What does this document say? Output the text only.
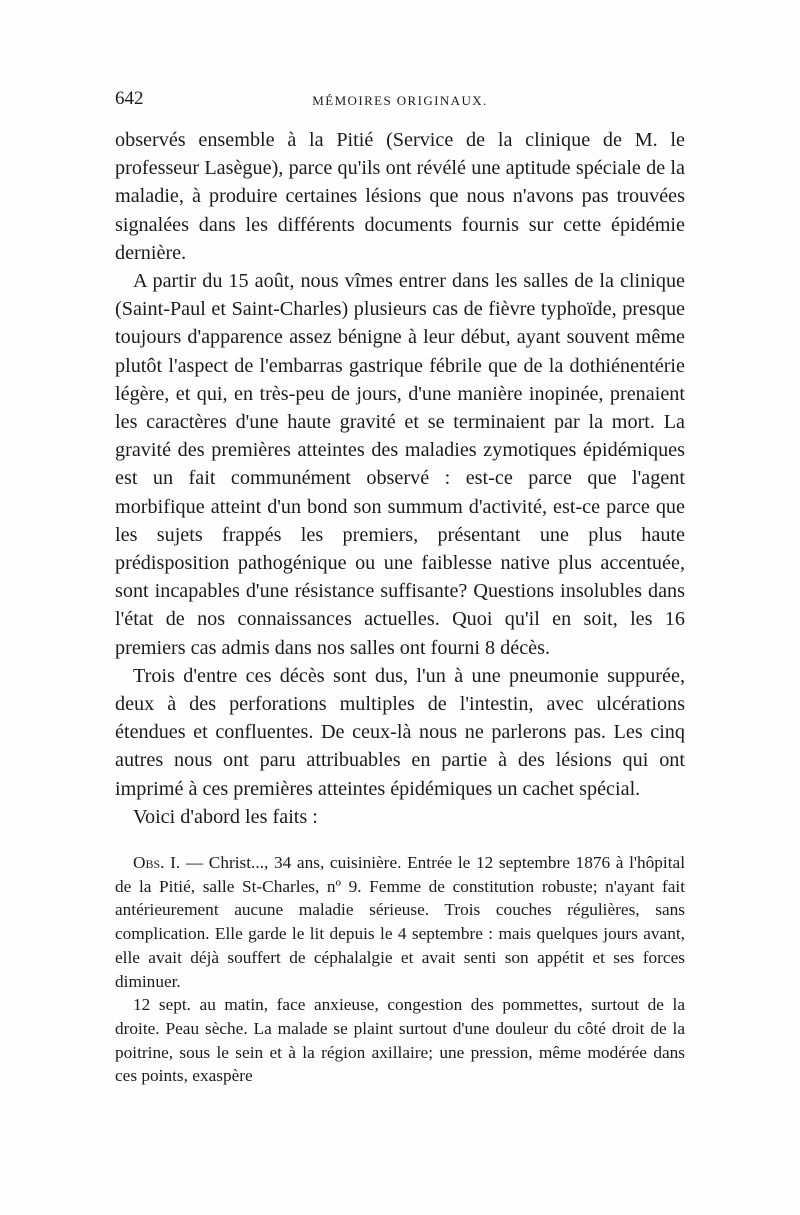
642	MÉMOIRES ORIGINAUX.

observés ensemble à la Pitié (Service de la clinique de M. le professeur Lasègue), parce qu'ils ont révélé une aptitude spéciale de la maladie, à produire certaines lésions que nous n'avons pas trouvées signalées dans les différents documents fournis sur cette épidémie dernière.

A partir du 15 août, nous vîmes entrer dans les salles de la clinique (Saint-Paul et Saint-Charles) plusieurs cas de fièvre typhoïde, presque toujours d'apparence assez bénigne à leur début, ayant souvent même plutôt l'aspect de l'embarras gastrique fébrile que de la dothiénentérie légère, et qui, en très-peu de jours, d'une manière inopinée, prenaient les caractères d'une haute gravité et se terminaient par la mort. La gravité des premières atteintes des maladies zymotiques épidémiques est un fait communément observé : est-ce parce que l'agent morbifique atteint d'un bond son summum d'activité, est-ce parce que les sujets frappés les premiers, présentant une plus haute prédisposition pathogénique ou une faiblesse native plus accentuée, sont incapables d'une résistance suffisante? Questions insolubles dans l'état de nos connaissances actuelles. Quoi qu'il en soit, les 16 premiers cas admis dans nos salles ont fourni 8 décès.

Trois d'entre ces décès sont dus, l'un à une pneumonie suppurée, deux à des perforations multiples de l'intestin, avec ulcérations étendues et confluentes. De ceux-là nous ne parlerons pas. Les cinq autres nous ont paru attribuables en partie à des lésions qui ont imprimé à ces premières atteintes épidémiques un cachet spécial.

Voici d'abord les faits :

Obs. I. — Christ..., 34 ans, cuisinière. Entrée le 12 septembre 1876 à l'hôpital de la Pitié, salle St-Charles, nº 9. Femme de constitution robuste; n'ayant fait antérieurement aucune maladie sérieuse. Trois couches régulières, sans complication. Elle garde le lit depuis le 4 septembre : mais quelques jours avant, elle avait déjà souffert de céphalalgie et avait senti son appétit et ses forces diminuer.

12 sept. au matin, face anxieuse, congestion des pommettes, surtout de la droite. Peau sèche. La malade se plaint surtout d'une douleur du côté droit de la poitrine, sous le sein et à la région axillaire; une pression, même modérée dans ces points, exaspère
